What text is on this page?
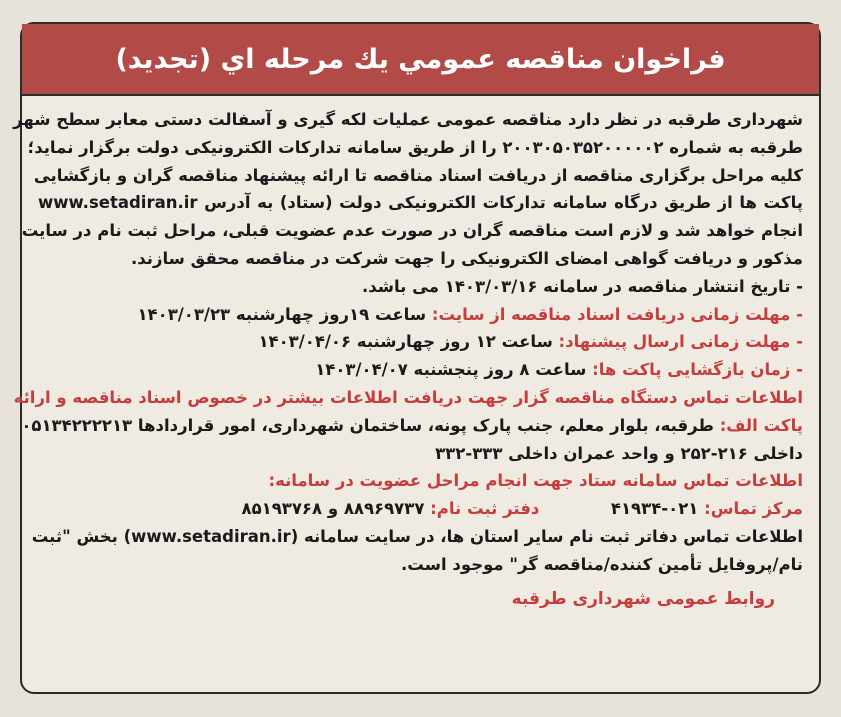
فراخوان مناقصه عمومي يك مرحله اي (تجديد)
شهرداری طرقبه در نظر دارد مناقصه عمومی عملیات لکه گیری و آسفالت دستی معابر سطح شهر
طرقبه به شماره ۲۰۰۳۰۵۰۳۵۲۰۰۰۰۰۲ را از طریق سامانه تدارکات الکترونیکی دولت برگزار نماید؛
کلیه مراحل برگزاری مناقصه از دریافت اسناد مناقصه تا ارائه پیشنهاد مناقصه گران و بازگشایی
پاکت ها از طریق درگاه سامانه تدارکات الکترونیکی دولت (ستاد) به آدرس www.setadiran.ir
انجام خواهد شد و لازم است مناقصه گران در صورت عدم عضویت قبلی، مراحل ثبت نام در سایت
مذکور و دریافت گواهی امضای الکترونیکی را جهت شرکت در مناقصه محقق سازند.
- تاریخ انتشار مناقصه در سامانه ۱۴۰۳/۰۳/۱۶ می باشد.
- مهلت زمانی دریافت اسناد مناقصه از سایت: ساعت ۱۹روز چهارشنبه ۱۴۰۳/۰۳/۲۳
- مهلت زمانی ارسال پیشنهاد: ساعت ۱۲ روز چهارشنبه ۱۴۰۳/۰۴/۰۶
- زمان بازگشایی پاکت ها: ساعت ۸ روز پنجشنبه ۱۴۰۳/۰۴/۰۷
اطلاعات تماس دستگاه مناقصه گزار جهت دریافت اطلاعات بیشتر در خصوص اسناد مناقصه و ارائه
پاکت الف: طرقبه، بلوار معلم، جنب پارک پونه، ساختمان شهرداری، امور قراردادها ۰۵۱۳۴۲۲۲۲۱۳
داخلی ۲۱۶-۲۵۲ و واحد عمران داخلی ۳۳۳-۳۳۲
اطلاعات تماس سامانه ستاد جهت انجام مراحل عضویت در سامانه:
مرکز تماس: ۰۲۱-۴۱۹۳۴  دفتر ثبت نام: ۸۸۹۶۹۷۳۷ و ۸۵۱۹۳۷۶۸
اطلاعات تماس دفاتر ثبت نام سایر استان ها، در سایت سامانه (www.setadiran.ir) بخش "ثبت
نام/پروفایل تأمین کننده/مناقصه گر" موجود است.
روابط عمومی شهرداری طرقبه
